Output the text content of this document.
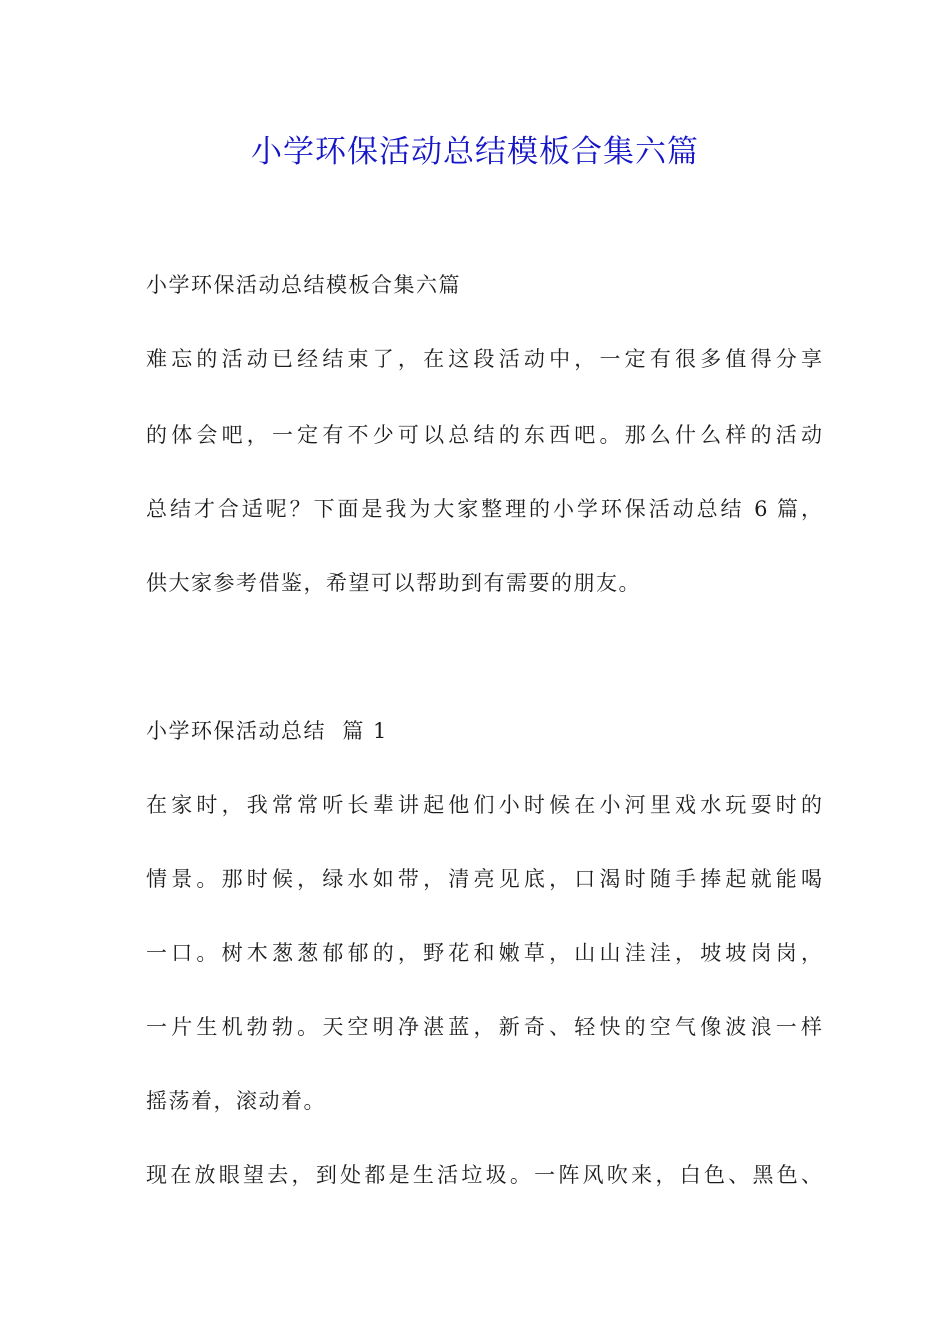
小学环保活动总结模板合集六篇
小学环保活动总结模板合集六篇
难忘的活动已经结束了，在这段活动中，一定有很多值得分享
的体会吧，一定有不少可以总结的东西吧。那么什么样的活动
总结才合适呢？下面是我为大家整理的小学环保活动总结 6 篇，
供大家参考借鉴，希望可以帮助到有需要的朋友。
小学环保活动总结  篇 1
在家时，我常常听长辈讲起他们小时候在小河里戏水玩耍时的
情景。那时候，绿水如带，清亮见底，口渴时随手捧起就能喝
一口。树木葱葱郁郁的，野花和嫩草，山山洼洼，坡坡岗岗，
一片生机勃勃。天空明净湛蓝，新奇、轻快的空气像波浪一样
摇荡着，滚动着。
现在放眼望去，到处都是生活垃圾。一阵风吹来，白色、黑色、
